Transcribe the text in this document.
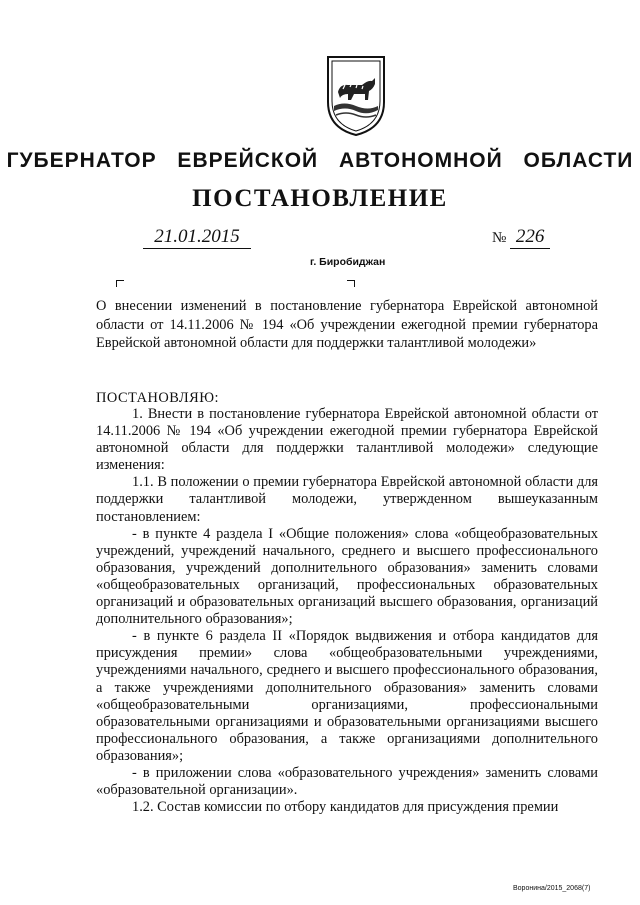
ГУБЕРНАТОР ЕВРЕЙСКОЙ АВТОНОМНОЙ ОБЛАСТИ
ПОСТАНОВЛЕНИЕ
21.01.2015	№ 226
г. Биробиджан
О внесении изменений в постановление губернатора Еврейской автономной области от 14.11.2006 № 194 «Об учреждении ежегодной премии губернатора Еврейской автономной области для поддержки талантливой молодежи»
ПОСТАНОВЛЯЮ:

1. Внести в постановление губернатора Еврейской автономной области от 14.11.2006 № 194 «Об учреждении ежегодной премии губернатора Еврейской автономной области для поддержки талантливой молодежи» следующие изменения:

1.1. В положении о премии губернатора Еврейской автономной области для поддержки талантливой молодежи, утвержденном вышеуказанным постановлением:

- в пункте 4 раздела I «Общие положения» слова «общеобразовательных учреждений, учреждений начального, среднего и высшего профессионального образования, учреждений дополнительного образования» заменить словами «общеобразовательных организаций, профессиональных образовательных организаций и образовательных организаций высшего образования, организаций дополнительного образования»;

- в пункте 6 раздела II «Порядок выдвижения и отбора кандидатов для присуждения премии» слова «общеобразовательными учреждениями, учреждениями начального, среднего и высшего профессионального образования, а также учреждениями дополнительного образования» заменить словами «общеобразовательными организациями, профессиональными образовательными организациями и образовательными организациями высшего профессионального образования, а также организациями дополнительного образования»;

- в приложении слова «образовательного учреждения» заменить словами «образовательной организации».

1.2. Состав комиссии по отбору кандидатов для присуждения премии

Bоронина/2015_2068(7)
